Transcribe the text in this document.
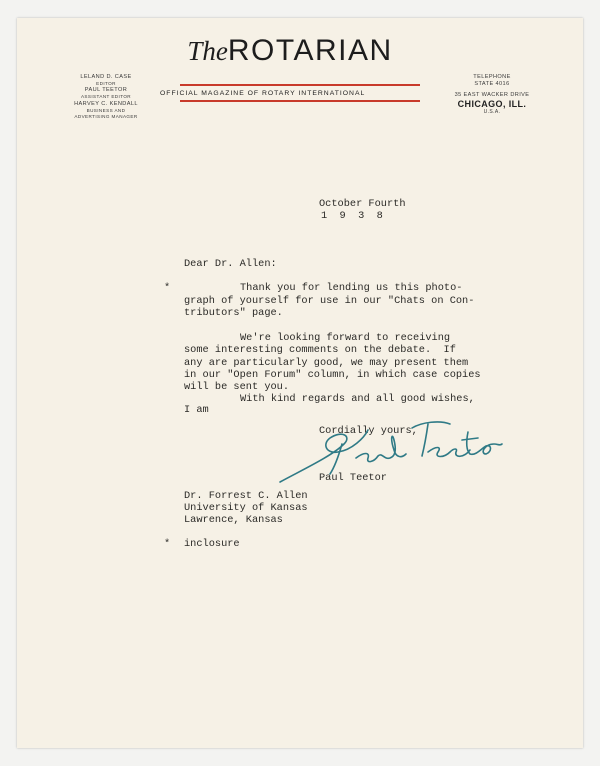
LELAND D. CASE
EDITOR
PAUL TEETOR
ASSISTANT EDITOR
HARVEY C. KENDALL
BUSINESS AND
ADVERTISING MANAGER
TheROTARIAN
OFFICIAL MAGAZINE OF ROTARY INTERNATIONAL
TELEPHONE
STATE 4016
35 EAST WACKER DRIVE
CHICAGO, ILL.
U.S.A.
October Fourth
1  9  3  8
Dear Dr. Allen:
*	Thank you for lending us this photo-
graph of yourself for use in our "Chats on Con-
tributors" page.
We're looking forward to receiving
some interesting comments on the debate.  If
any are particularly good, we may present them
in our "Open Forum" column, in which case copies
will be sent you.
With kind regards and all good wishes,
I am
Cordially yours,
Paul Teetor
Dr. Forrest C. Allen
University of Kansas
Lawrence, Kansas
* inclosure
